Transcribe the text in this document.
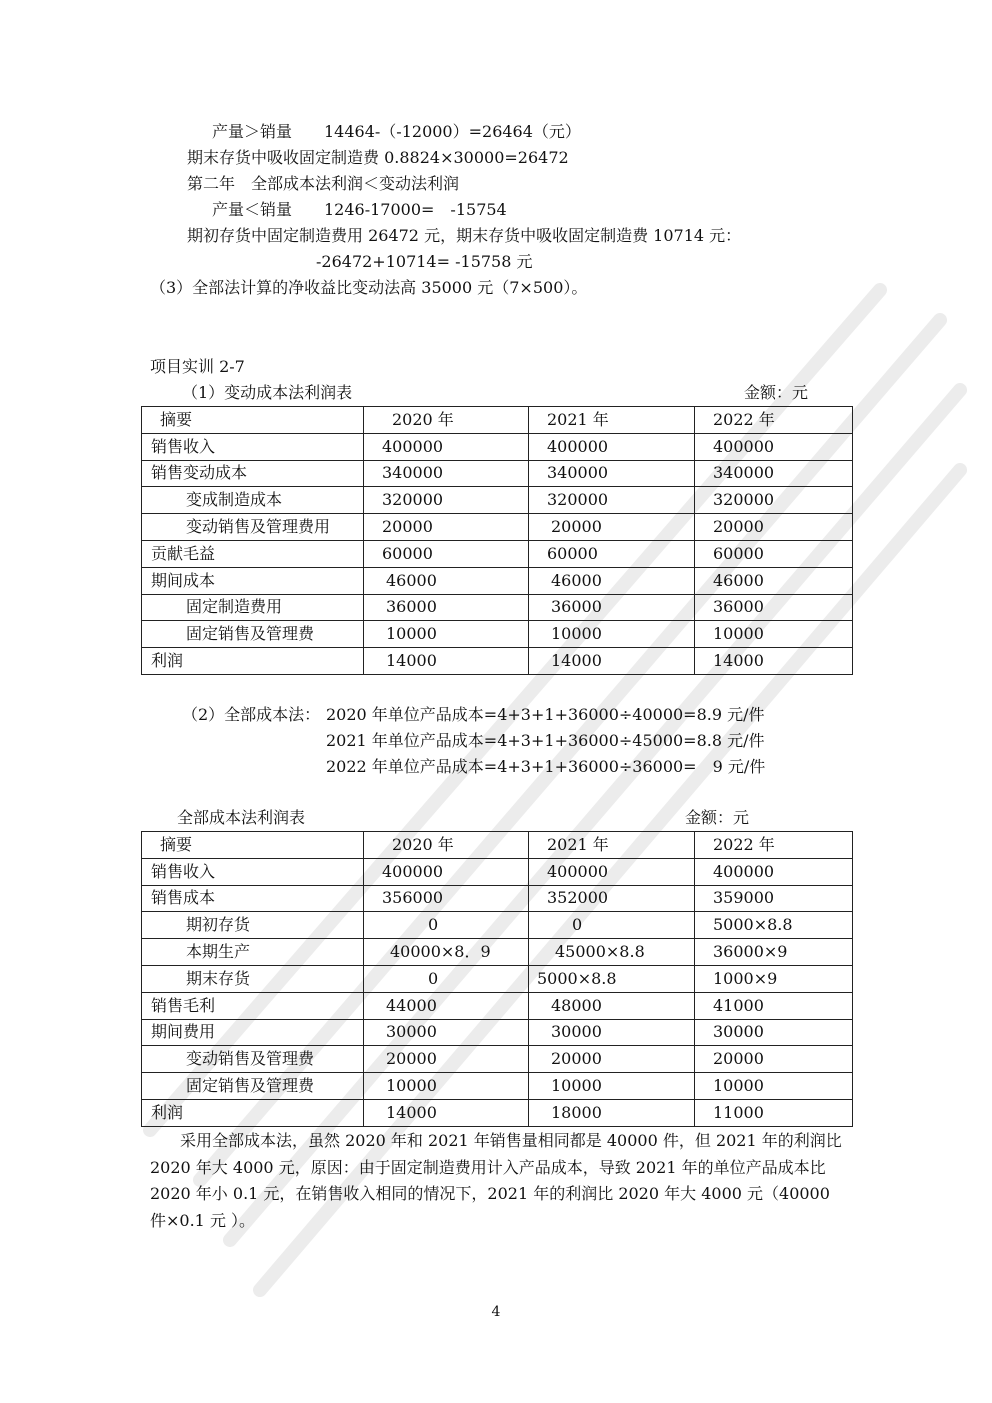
产量＞销量　　14464-（-12000）=26464（元）
期末存货中吸收固定制造费 0.8824×30000=26472
第二年　全部成本法利润＜变动法利润
产量＜销量　　1246-17000=　-15754
期初存货中固定制造费用 26472 元，期末存货中吸收固定制造费 10714 元：
-26472+10714= -15758 元
（3）全部法计算的净收益比变动法高 35000 元（7×500）。
项目实训 2-7
（1）变动成本法利润表	金额：元
摘要	2020 年	2021 年	2022 年
销售收入	400000	400000	400000
销售变动成本	340000	340000	340000
变成制造成本	320000	320000	320000
变动销售及管理费用	20000	20000	20000
贡献毛益	60000	60000	60000
期间成本	46000	46000	46000
固定制造费用	36000	36000	36000
固定销售及管理费	10000	10000	10000
利润	14000	14000	14000
（2）全部成本法： 2020 年单位产品成本=4+3+1+36000÷40000=8.9 元/件
2021 年单位产品成本=4+3+1+36000÷45000=8.8 元/件
2022 年单位产品成本=4+3+1+36000÷36000=　9 元/件
全部成本法利润表	金额：元
摘要	2020 年	2021 年	2022 年
销售收入	400000	400000	400000
销售成本	356000	352000	359000
期初存货	0	0	5000×8.8
本期生产	40000×8．9	45000×8.8	36000×9
期末存货	0	5000×8.8	1000×9
销售毛利	44000	48000	41000
期间费用	30000	30000	30000
变动销售及管理费	20000	20000	20000
固定销售及管理费	10000	10000	10000
利润	14000	18000	11000
采用全部成本法，虽然 2020 年和 2021 年销售量相同都是 40000 件，但 2021 年的利润比 2020 年大 4000 元，原因：由于固定制造费用计入产品成本，导致 2021 年的单位产品成本比 2020 年小 0.1 元，在销售收入相同的情况下，2021 年的利润比 2020 年大 4000 元（40000 件×0.1 元 ）。
4
